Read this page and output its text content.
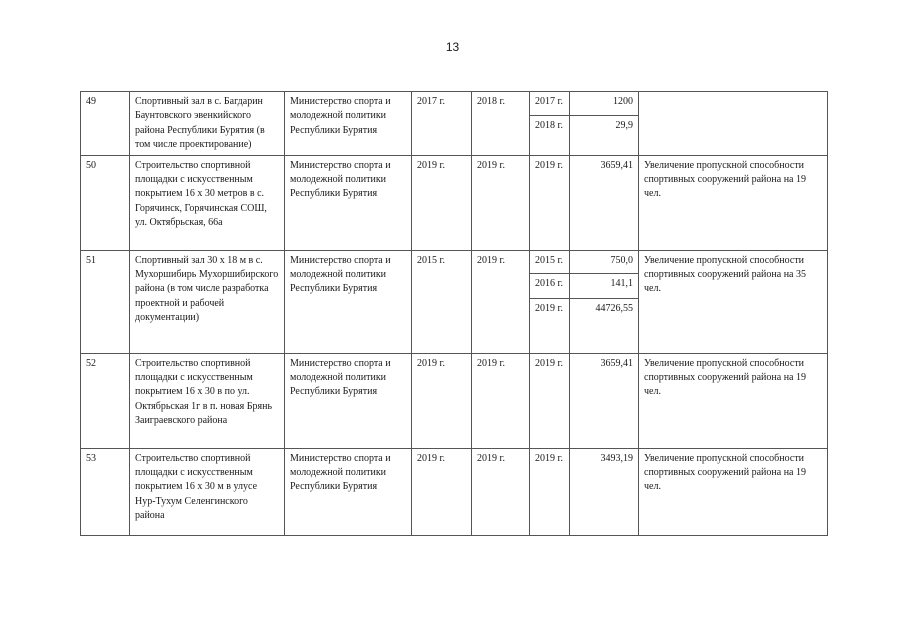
13
49	Спортивный зал в с. Багдарин Баунтовского эвенкийского района Республики Бурятия (в том числе проектирование)	Министерство спорта и молодежной политики Республики Бурятия	2017 г.	2018 г.	2017 г.	1200	
					2018 г.	29,9	
50	Строительство спортивной площадки с искусственным покрытием 16 х 30 метров в с. Горячинск, Горячинская СОШ, ул. Октябрьская, 66а	Министерство спорта и молодежной политики Республики Бурятия	2019 г.	2019 г.	2019 г.	3659,41	Увеличение пропускной способности спортивных сооружений района на 19 чел.
51	Спортивный зал 30 х 18 м в с. Мухоршибирь Мухоршибирского района (в том числе разработка проектной и рабочей документации)	Министерство спорта и молодежной политики Республики Бурятия	2015 г.	2019 г.	2015 г.	750,0	Увеличение пропускной способности спортивных сооружений района на 35 чел.
					2016 г.	141,1	
					2019 г.	44726,55	
52	Строительство спортивной площадки с искусственным покрытием 16 х 30 в по ул. Октябрьская 1г в п. новая Брянь Заиграевского района	Министерство спорта и молодежной политики Республики Бурятия	2019 г.	2019 г.	2019 г.	3659,41	Увеличение пропускной способности спортивных сооружений района на 19 чел.
53	Строительство спортивной площадки с искусственным покрытием 16 х 30 м в улусе Нур-Тухум Селенгинского района	Министерство спорта и молодежной политики Республики Бурятия	2019 г.	2019 г.	2019 г.	3493,19	Увеличение пропускной способности спортивных сооружений района на 19 чел.
